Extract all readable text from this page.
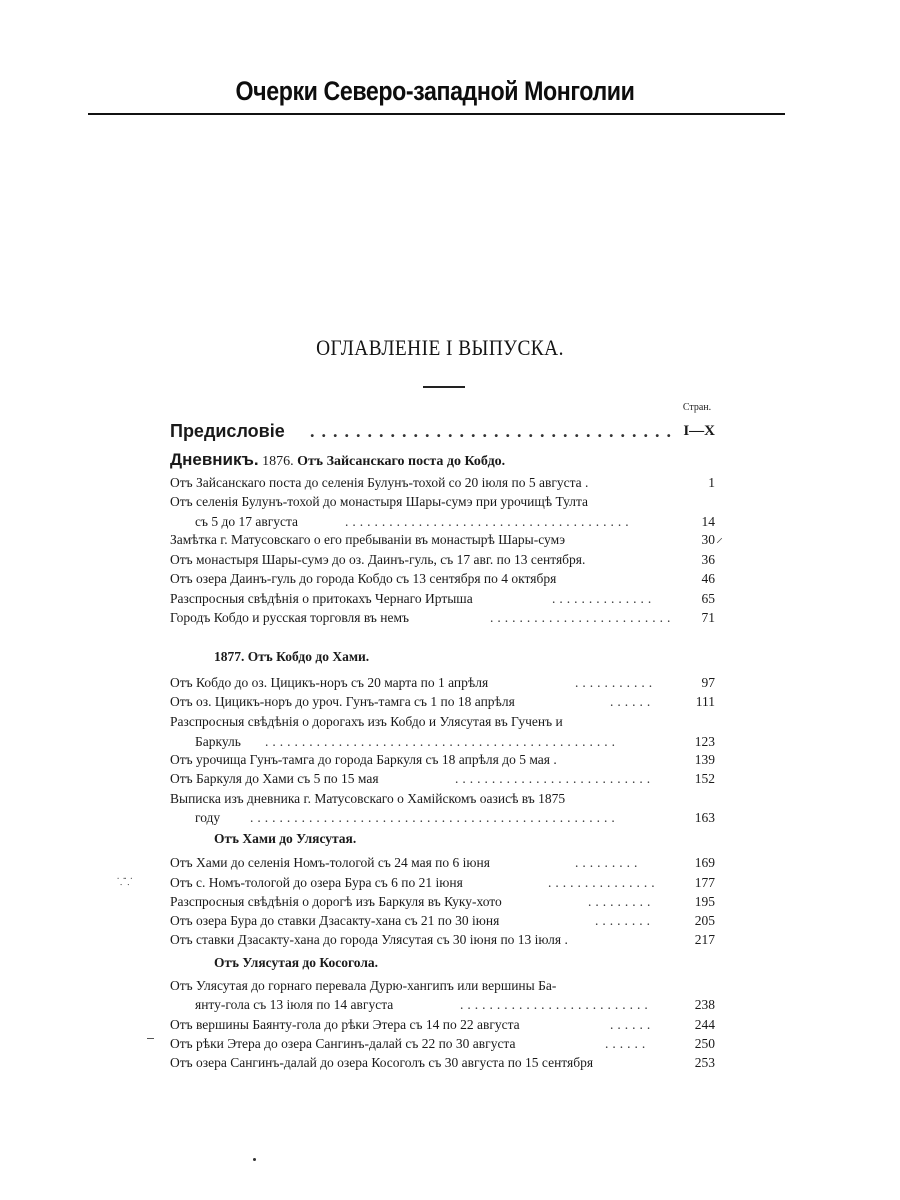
Очерки Северо-западной Монголии
ОГЛАВЛЕНІЕ I ВЫПУСКА.
Стран.
Предисловіе ................................ I—X
Дневникъ. 1876. Отъ Зайсанскаго поста до Кобдо.
Отъ Зайсанскаго поста до селенія Булунъ-тохой со 20 іюля по 5 августа .	1
Отъ селенія Булунъ-тохой до монастыря Шары-сумэ при урочищѣ Тулта
съ 5 до 17 августа	.......................................	14
Замѣтка г. Матусовскаго о его пребываніи въ монастырѣ Шары-сумэ	30
Отъ монастыря Шары-сумэ до оз. Даинъ-гуль, съ 17 авг. по 13 сентября.	36
Отъ озера Даинъ-гуль до города Кобдо съ 13 сентября по 4 октября	46
Разспросныя свѣдѣнія о притокахъ Чернаго Иртыша	..............	65
Городъ Кобдо и русская торговля въ немъ	.........................	71
1877. Отъ Кобдо до Хами.
Отъ Кобдо до оз. Цицикъ-норъ съ 20 марта по 1 апрѣля	...........	97
Отъ оз. Цицикъ-норъ до уроч. Гунъ-тамга съ 1 по 18 апрѣля	......	111
Разспросныя свѣдѣнія о дорогахъ изъ Кобдо и Улясутая въ Гученъ и
Баркуль ................................................	123
Отъ урочища Гунъ-тамга до города Баркуля съ 18 апрѣля до 5 мая .	139
Отъ Баркуля до Хами съ 5 по 15 мая	...........................	152
Выписка изъ дневника г. Матусовскаго о Хамійскомъ оазисѣ въ 1875
году ..................................................	163
Отъ Хами до Улясутая.
Отъ Хами до селенія Номъ-тологой съ 24 мая по 6 іюня	.........	169
Отъ с. Номъ-тологой до озера Бура съ 6 по 21 іюня	...............	177
Разспросныя свѣдѣнія о дорогѣ изъ Баркуля въ Куку-хото	.........	195
Отъ озера Бура до ставки Дзасакту-хана съ 21 по 30 іюня	........	205
Отъ ставки Дзасакту-хана до города Улясутая съ 30 іюня по 13 іюля .	217
Отъ Улясутая до Косогола.
Отъ Улясутая до горнаго перевала Дурю-хангипъ или вершины Ба-
янту-гола съ 13 іюля по 14 августа	..........................	238
Отъ вершины Баянту-гола до рѣки Этера съ 14 по 22 августа	......	244
Отъ рѣки Этера до озера Сангинъ-далай съ 22 по 30 августа	......	250
Отъ озера Сангинъ-далай до озера Косоголъ съ 30 августа по 15 сентября	253
⸝
⸪⸪
